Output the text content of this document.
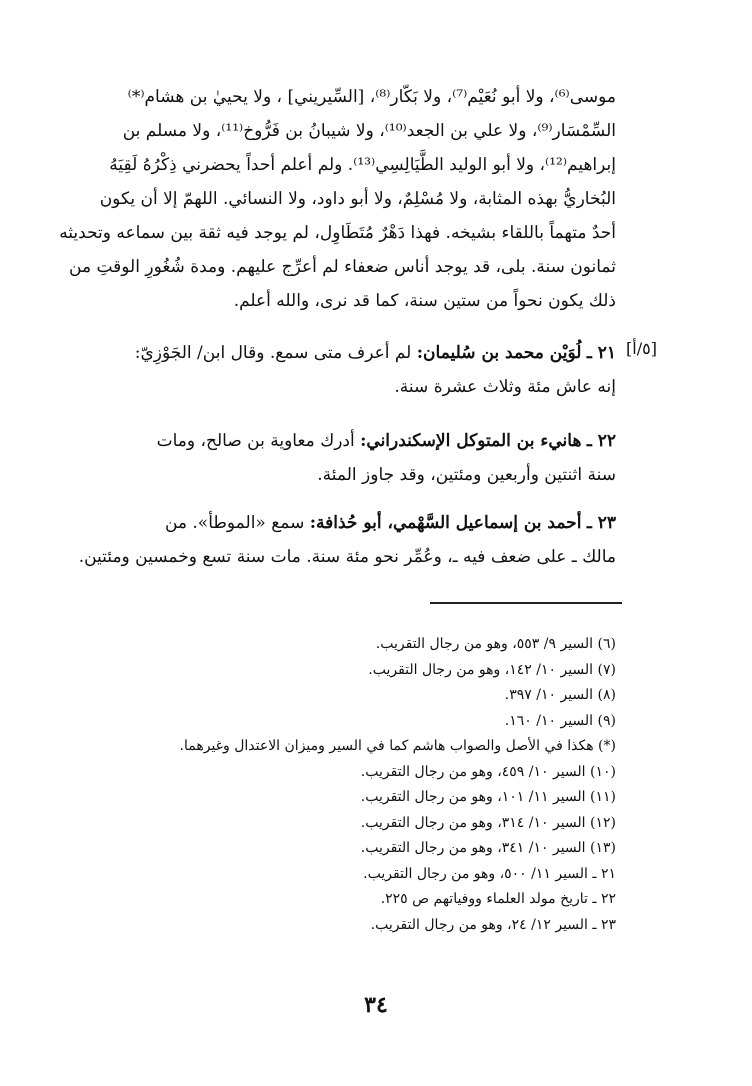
موسى⁽⁶⁾، ولا أبو نُعَيْم⁽⁷⁾، ولا بَكّار⁽⁸⁾، [السِّيريني] ، ولا يحييٰ بن هشام⁽*⁾

السِّمْسَار⁽⁹⁾، ولا علي بن الجعد⁽¹⁰⁾، ولا شيبانُ بن فَرُّوخ⁽¹¹⁾، ولا مسلم بن

إبراهيم⁽¹²⁾، ولا أبو الوليد الطَّيَالِسِي⁽¹³⁾. ولم أعلم أحداً يحضرني ذِكْرُهُ لَقِيَهُ

البُخاريُّ بهذه المثابة، ولا مُسْلِمٌ، ولا أبو داود، ولا النسائي. اللهمّ إلا أن يكون

أحدٌ متهماً باللقاء بشيخه. فهذا دَهْرٌ مُتَطَاوِل، لم يوجد فيه ثقة بين سماعه وتحديثه

ثمانون سنة. بلى، قد يوجد أناس ضعفاء لم أعرِّج عليهم. ومدة شُغُورِ الوقتِ من

ذلك يكون نحواً من ستين سنة، كما قد نرى، والله أعلم.

[٥/أ]
٢١ ـ لُوَيْن محمد بن سُليمان: لم أعرف متى سمع. وقال ابن/ الجَوْزِيّ:
إنه عاش مئة وثلاث عشرة سنة.
٢٢ ـ هانيء بن المتوكل الإسكندراني: أدرك معاوية بن صالح، ومات
سنة اثنتين وأربعين ومئتين، وقد جاوز المئة.
٢٣ ـ أحمد بن إسماعيل السَّهْمي، أبو حُذافة: سمع «الموطأ». من
مالك ـ على ضعف فيه ـ، وعُمِّر نحو مئة سنة. مات سنة تسع وخمسين ومئتين.
(٦) السير ٩/ ٥٥٣، وهو من رجال التقريب.
(٧) السير ١٠/ ١٤٢، وهو من رجال التقريب.
(٨) السير ١٠/ ٣٩٧.
(٩) السير ١٠/ ١٦٠.
(*) هكذا في الأصل والصواب هاشم كما في السير وميزان الاعتدال وغيرهما.
(١٠) السير ١٠/ ٤٥٩، وهو من رجال التقريب.
(١١) السير ١١/ ١٠١، وهو من رجال التقريب.
(١٢) السير ١٠/ ٣١٤، وهو من رجال التقريب.
(١٣) السير ١٠/ ٣٤١، وهو من رجال التقريب.
٢١ ـ السير ١١/ ٥٠٠، وهو من رجال التقريب.
٢٢ ـ تاريخ مولد العلماء ووفياتهم ص ٢٢٥.
٢٣ ـ السير ١٢/ ٢٤، وهو من رجال التقريب.
٣٤
